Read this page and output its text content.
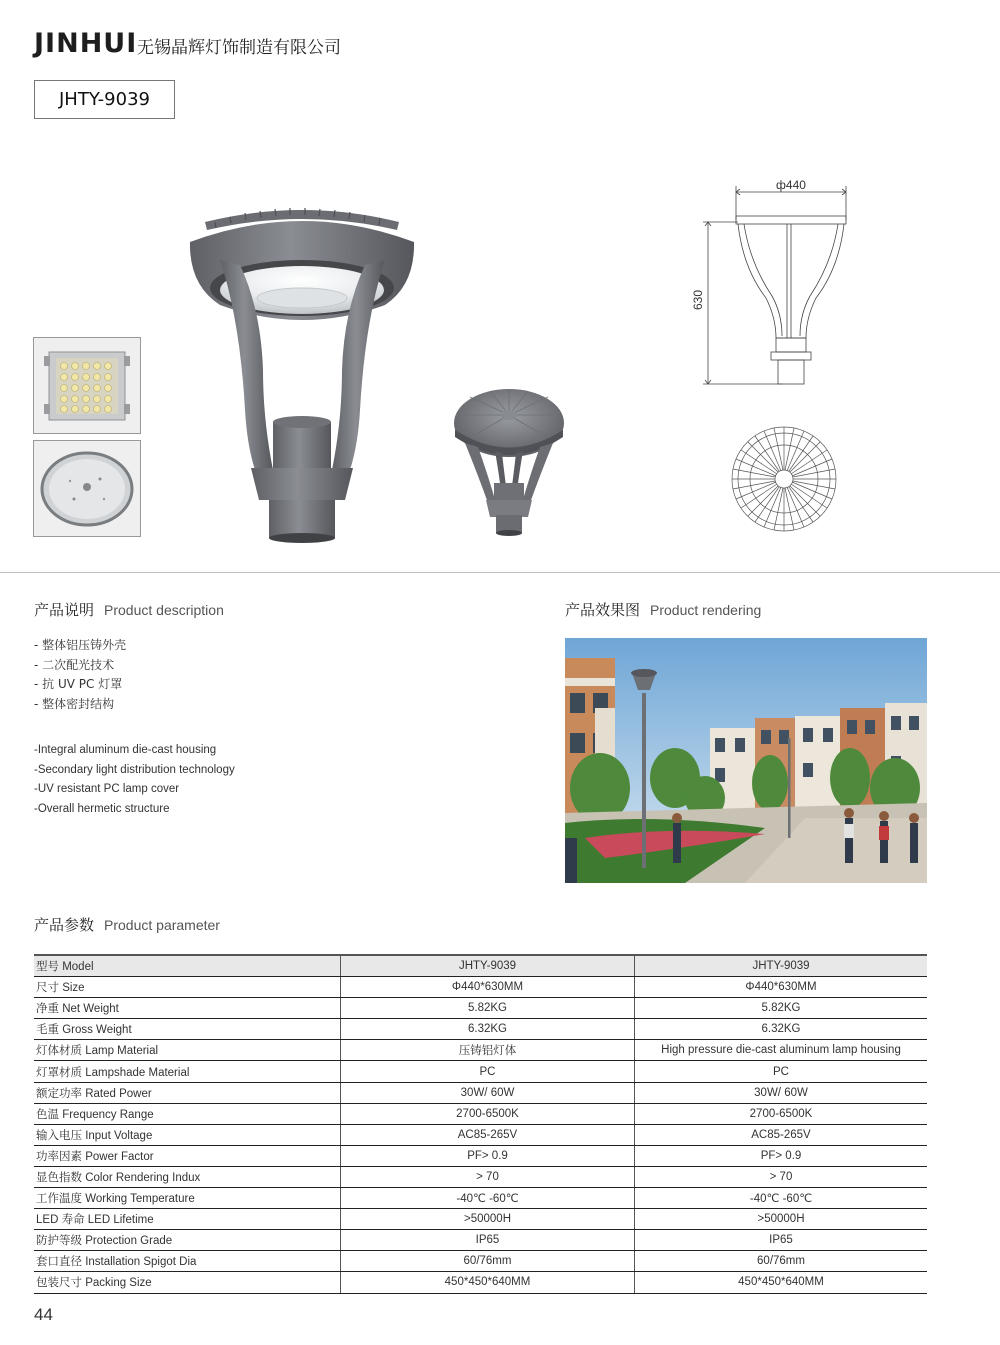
JINHUI 无锡晶辉灯饰制造有限公司
JHTY-9039
ф440
630
产品说明 Product description
- 整体铝压铸外壳
- 二次配光技术
- 抗 UV PC 灯罩
- 整体密封结构
-Integral aluminum die-cast housing
-Secondary light distribution technology
-UV resistant PC lamp cover
-Overall hermetic structure
产品效果图 Product rendering
产品参数 Product parameter
型号 Model	JHTY-9039	JHTY-9039
尺寸 Size	Φ440*630MM	Φ440*630MM
净重 Net Weight	5.82KG	5.82KG
毛重 Gross Weight	6.32KG	6.32KG
灯体材质 Lamp Material	压铸铝灯体	High pressure die-cast aluminum lamp housing
灯罩材质 Lampshade Material	PC	PC
额定功率 Rated Power	30W/ 60W	30W/ 60W
色温 Frequency Range	2700-6500K	2700-6500K
输入电压 Input Voltage	AC85-265V	AC85-265V
功率因素 Power Factor	PF> 0.9	PF> 0.9
显色指数 Color Rendering Indux	> 70	> 70
工作温度 Working Temperature	-40℃ -60℃	-40℃ -60℃
LED 寿命 LED Lifetime	>50000H	>50000H
防护等级 Protection Grade	IP65	IP65
套口直径 Installation Spigot Dia	60/76mm	60/76mm
包装尺寸 Packing Size	450*450*640MM	450*450*640MM
44
